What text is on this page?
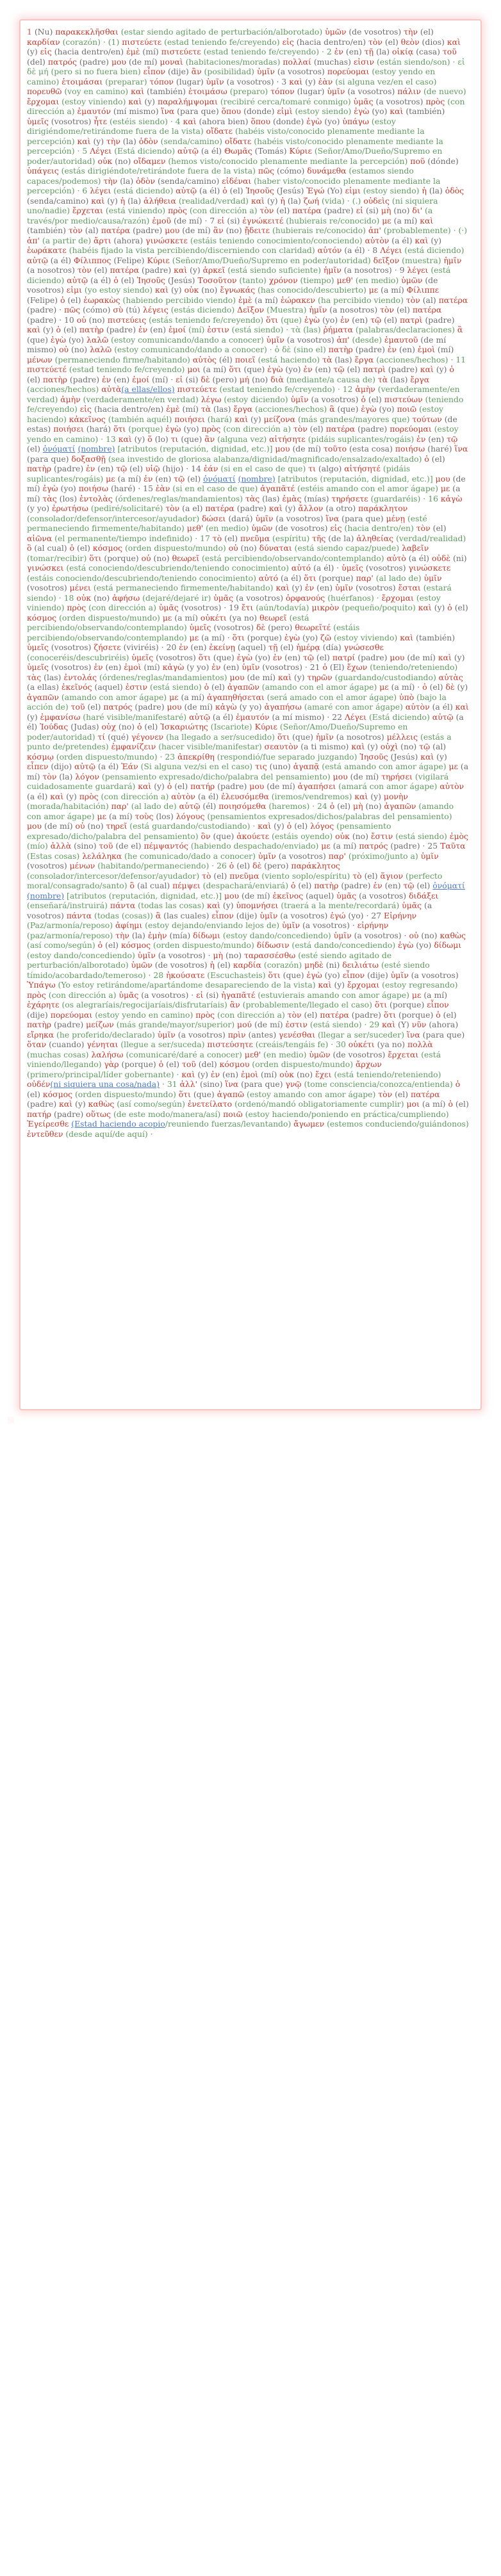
1 (Nu) παρακεκλῆσθαι (estar siendo agitado de perturbación/alborotado) ὑμῶν (de vosotros) τὴν (el) καρδίαν (corazón) · (1) πιστεύετε (estad teniendo fe/creyendo) εἰς (hacia dentro/en) τὸν (el) θεὸν (dios) καὶ (y) εἰς (hacia dentro/en) ἐμὲ (mí) πιστεύετε (estad teniendo fe/creyendo) · 2 ἐν (en) τῇ (la) οἰκίᾳ (casa) τοῦ (del) πατρός (padre) μου (de mí) μοναὶ (habitaciones/moradas) πολλαί (muchas) εἰσιν (están siendo/son) · εἰ δὲ μή (pero si no fuera bien) εἶπον (dije) ἂν (posibilidad) ὑμῖν (a vosotros) πορεύομαι (estoy yendo en camino) ἑτοιμάσαι (preparar) τόπον (lugar) ὑμῖν (a vosotros) · 3 καὶ (y) ἐὰν (si alguna vez/en el caso) πορευθῶ (voy en camino) καὶ (también) ἑτοιμάσω (preparo) τόπον (lugar) ὑμῖν (a vosotros) πάλιν (de nuevo) ἔρχομαι (estoy viniendo) καὶ (y) παραλήμψομαι (recibiré cerca/tomaré conmigo) ὑμᾶς (a vosotros) πρὸς (con dirección a) ἐμαυτόν (mí mismo) ἵνα (para que) ὅπου (donde) εἰμὶ (estoy siendo) ἐγὼ (yo) καὶ (también) ὑμεῖς (vosotros) ἦτε (estéis siendo) · 4 καὶ (ahora bien) ὅπου (donde) ἐγὼ (yo) ὑπάγω (estoy dirigiéndome/retirándome fuera de la vista) οἴδατε (habéis visto/conocido plenamente mediante la percepción) καὶ (y) τὴν (la) ὁδὸν (senda/camino) οἴδατε (habéis visto/conocido plenamente mediante la percepción) · 5 Λέγει (Está diciendo) αὐτῷ (a él) Θωμᾶς (Tomás) Κύριε (Señor/Amo/Dueño/Supremo en poder/autoridad) οὐκ (no) οἴδαμεν (hemos visto/conocido plenamente mediante la percepción) ποῦ (dónde) ὑπάγεις (estás dirigiéndote/retirándote fuera de la vista) πῶς (cómo) δυνάμεθα (estamos siendo capaces/podemos) τὴν (la) ὁδὸν (senda/camino) εἰδέναι (haber visto/conocido plenamente mediante la percepción) · 6 λέγει (está diciendo) αὐτῷ (a él) ὁ (el) Ἰησοῦς (Jesús) Ἐγώ (Yo) εἰμι (estoy siendo) ἡ (la) ὁδὸς (senda/camino) καὶ (y) ἡ (la) ἀλήθεια (realidad/verdad) καὶ (y) ἡ (la) ζωή (vida) · (.) οὐδεὶς (ni siquiera uno/nadie) ἔρχεται (está viniendo) πρὸς (con dirección a) τὸν (el) πατέρα (padre) εἰ (si) μὴ (no) δι' (a través/por medio/causa/razón) ἐμοῦ (de mí) · 7 εἰ (si) ἐγνώκειτέ (hubierais re/conocido) με (a mí) καὶ (también) τὸν (al) πατέρα (padre) μου (de mí) ἂν (no) ᾔδειτε (hubierais re/conocido) ἀπ' (probablemente) · (·) ἀπ' (a partir de) ἄρτι (ahora) γινώσκετε (estáis teniendo conocimiento/conociendo) αὐτὸν (a él) καὶ (y) ἑωράκατε (habéis fijado la vista percibiendo/discerniendo con claridad) αὐτόν (a él) · 8 Λέγει (está diciendo) αὐτῷ (a él) Φίλιππος (Felipe) Κύριε (Señor/Amo/Dueño/Supremo en poder/autoridad) δεῖξον (muestra) ἡμῖν (a nosotros) τὸν (el) πατέρα (padre) καὶ (y) ἀρκεῖ (está siendo suficiente) ἡμῖν (a nosotros) · 9 λέγει (está diciendo) αὐτῷ (a él) ὁ (el) Ἰησοῦς (Jesús) Τοσοῦτον (tanto) χρόνον (tiempo) μεθ' (en medio) ὑμῶν (de vosotros) εἰμι (yo estoy siendo) καὶ (y) οὐκ (no) ἔγνωκάς (has conocido/descubierto) με (a mí) Φίλιππε (Felipe) ὁ (el) ἑωρακὼς (habiendo percibido viendo) ἐμὲ (a mí) ἑώρακεν (ha percibido viendo) τὸν (al) πατέρα (padre) · πῶς (cómo) σὺ (tú) λέγεις (estás diciendo) Δεῖξον (Muestra) ἡμῖν (a nosotros) τὸν (el) πατέρα (padre) · 10 οὐ (no) πιστεύεις (estás teniendo fe/creyendo) ὅτι (que) ἐγὼ (yo) ἐν (en) τῷ (el) πατρὶ (padre) καὶ (y) ὁ (el) πατὴρ (padre) ἐν (en) ἐμοί (mí) ἐστιν (está siendo) · τὰ (las) ῥήματα (palabras/declaraciones) ἃ (que) ἐγὼ (yo) λαλῶ (estoy comunicando/dando a conocer) ὑμῖν (a vosotros) ἀπ' (desde) ἐμαυτοῦ (de mí mismo) οὐ (no) λαλῶ (estoy comunicando/dando a conocer) · ὁ δὲ (sino el) πατὴρ (padre) ἐν (en) ἐμοὶ (mí) μένων (permaneciendo firme/habitando) αὐτὸς (él) ποιεῖ (está haciendo) τὰ (las) ἔργα (acciones/hechos) · 11 πιστεύετέ (estad teniendo fe/creyendo) μοι (a mí) ὅτι (que) ἐγὼ (yo) ἐν (en) τῷ (el) πατρὶ (padre) καὶ (y) ὁ (el) πατὴρ (padre) ἐν (en) ἐμοί (mí) · εἰ (si) δὲ (pero) μή (no) διὰ (mediante/a causa de) τὰ (las) ἔργα (acciones/hechos) αὐτὰ(a ellas/ellos) πιστεύετε (estad teniendo fe/creyendo) · 12 ἀμὴν (verdaderamente/en verdad) ἀμὴν (verdaderamente/en verdad) λέγω (estoy diciendo) ὑμῖν (a vosotros) ὁ (el) πιστεύων (teniendo fe/creyendo) εἰς (hacia dentro/en) ἐμὲ (mí) τὰ (las) ἔργα (acciones/hechos) ἃ (que) ἐγὼ (yo) ποιῶ (estoy haciendo) κἀκεῖνος (también aquél) ποιήσει (hará) καὶ (y) μείζονα (más grandes/mayores que) τούτων (de estas) ποιήσει (hará) ὅτι (porque) ἐγὼ (yo) πρὸς (con dirección a) τὸν (el) πατέρα (padre) πορεύομαι (estoy yendo en camino) · 13 καὶ (y) ὅ (lo) τι (que) ἂν (alguna vez) αἰτήσητε (pidáis suplicantes/rogáis) ἐν (en) τῷ (el) ὀνόματί (nombre) [atributos (reputación, dignidad, etc.)] μου (de mí) τοῦτο (esta cosa) ποιήσω (haré) ἵνα (para que) δοξασθῇ (sea investido de gloriosa alabanza/dignidad/magnificado/ensalzado/exaltado) ὁ (el) πατὴρ (padre) ἐν (en) τῷ (el) υἱῷ (hijo) · 14 ἐάν (si en el caso de que) τι (algo) αἰτήσητέ (pidáis suplicantes/rogáis) με (a mí) ἐν (en) τῷ (el) ὀνόματί (nombre) [atributos (reputación, dignidad, etc.)] μου (de mí) ἐγὼ (yo) ποιήσω (haré) · 15 ἐὰν (si en el caso de que) ἀγαπᾶτέ (estéis amando con el amor ágape) με (a mí) τὰς (los) ἐντολὰς (órdenes/reglas/mandamientos) τὰς (las) ἐμὰς (mías) τηρήσετε (guardaréis) · 16 κἀγὼ (y yo) ἐρωτήσω (pediré/solicitaré) τὸν (a el) πατέρα (padre) καὶ (y) ἄλλον (a otro) παράκλητον (consolador/defensor/intercesor/ayudador) δώσει (dará) ὑμῖν (a vosotros) ἵνα (para que) μένῃ (esté permaneciendo firmemente/habitando) μεθ' (en medio) ὑμῶν (de vosotros) εἰς (hacia dentro/en) τὸν (el) αἰῶνα (el permanente/tiempo indefinido) · 17 τὸ (el) πνεῦμα (espíritu) τῆς (de la) ἀληθείας (verdad/realidad) ὃ (al cual) ὁ (el) κόσμος (orden dispuesto/mundo) οὐ (no) δύναται (está siendo capaz/puede) λαβεῖν (tomar/recibir) ὅτι (porque) οὐ (no) θεωρεῖ (está percibiendo/observando/contemplando) αὐτὸ (a él) οὐδὲ (ni) γινώσκει (está conociendo/descubriendo/teniendo conocimiento) αὐτό (a él) · ὑμεῖς (vosotros) γινώσκετε (estáis conociendo/descubriendo/teniendo conocimiento) αὐτό (a él) ὅτι (porque) παρ' (al lado de) ὑμῖν (vosotros) μένει (está permaneciendo firmemente/habitando) καὶ (y) ἐν (en) ὑμῖν (vosotros) ἔσται (estará siendo) · 18 οὐκ (no) ἀφήσω (dejaré/dejaré ir) ὑμᾶς (a vosotros) ὀρφανούς (huérfanos) · ἔρχομαι (estoy viniendo) πρὸς (con dirección a) ὑμᾶς (vosotros) · 19 ἔτι (aún/todavía) μικρὸν (pequeño/poquito) καὶ (y) ὁ (el) κόσμος (orden dispuesto/mundo) με (a mí) οὐκέτι (ya no) θεωρεῖ (está percibiendo/observando/contemplando) ὑμεῖς (vosotros) δὲ (pero) θεωρεῖτέ (estáis percibiendo/observando/contemplando) με (a mí) · ὅτι (porque) ἐγὼ (yo) ζῶ (estoy viviendo) καὶ (también) ὑμεῖς (vosotros) ζήσετε (viviréis) · 20 ἐν (en) ἐκείνῃ (aquel) τῇ (el) ἡμέρᾳ (día) γνώσεσθε (conoceréis/descubriréis) ὑμεῖς (vosotros) ὅτι (que) ἐγὼ (yo) ἐν (en) τῷ (el) πατρί (padre) μου (de mí) καὶ (y) ὑμεῖς (vosotros) ἐν (en) ἐμοὶ (mí) κἀγὼ (y yo) ἐν (en) ὑμῖν (vosotros) · 21 ὁ (El) ἔχων (teniendo/reteniendo) τὰς (las) ἐντολάς (órdenes/reglas/mandamientos) μου (de mí) καὶ (y) τηρῶν (guardando/custodiando) αὐτὰς (a ellas) ἐκεῖνός (aquel) ἐστιν (está siendo) ὁ (el) ἀγαπῶν (amando con el amor ágape) με (a mí) · ὁ (el) δὲ (y) ἀγαπῶν (amando con amor ágape) με (a mí) ἀγαπηθήσεται (será amado con el amor ágape) ὑπὸ (bajo la acción de) τοῦ (el) πατρός (padre) μου (de mí) κἀγὼ (y yo) ἀγαπήσω (amaré con amor ágape) αὐτὸν (a él) καὶ (y) ἐμφανίσω (haré visible/manifestaré) αὐτῷ (a él) ἐμαυτόν (a mí mismo) · 22 Λέγει (Está diciendo) αὐτῷ (a él) Ἰούδας (Judas) οὐχ (no) ὁ (el) Ἰσκαριώτης (Iscariote) Κύριε (Señor/Amo/Dueño/Supremo en poder/autoridad) τί (qué) γέγονεν (ha llegado a ser/sucedido) ὅτι (que) ἡμῖν (a nosotros) μέλλεις (estás a punto de/pretendes) ἐμφανίζειν (hacer visible/manifestar) σεαυτὸν (a ti mismo) καὶ (y) οὐχὶ (no) τῷ (al) κόσμῳ (orden dispuesto/mundo) · 23 ἀπεκρίθη (respondió/fue separado juzgando) Ἰησοῦς (Jesús) καὶ (y) εἶπεν (dijo) αὐτῷ (a él) Ἐάν (Si alguna vez/si en el caso) τις (uno) ἀγαπᾷ (está amando con amor ágape) με (a mí) τὸν (la) λόγον (pensamiento expresado/dicho/palabra del pensamiento) μου (de mí) τηρήσει (vigilará cuidadosamente guardará) καὶ (y) ὁ (el) πατήρ (padre) μου (de mí) ἀγαπήσει (amará con amor ágape) αὐτὸν (a él) καὶ (y) πρὸς (con dirección a) αὐτὸν (a él) ἐλευσόμεθα (iremos/vendremos) καὶ (y) μονὴν (morada/habitación) παρ' (al lado de) αὐτῷ (él) ποιησόμεθα (haremos) · 24 ὁ (el) μὴ (no) ἀγαπῶν (amando con amor ágape) με (a mí) τοὺς (los) λόγους (pensamientos expresados/dichos/palabras del pensamiento) μου (de mí) οὐ (no) τηρεῖ (está guardando/custodiando) · καὶ (y) ὁ (el) λόγος (pensamiento expresado/dicho/palabra del pensamiento) ὃν (que) ἀκούετε (estáis oyendo) οὐκ (no) ἔστιν (está siendo) ἐμὸς (mío) ἀλλὰ (sino) τοῦ (de el) πέμψαντός (habiendo despachado/enviado) με (a mí) πατρός (padre) · 25 Ταῦτα (Estas cosas) λελάληκα (he comunicado/dado a conocer) ὑμῖν (a vosotros) παρ' (próximo/junto a) ὑμῖν (vosotros) μένων (habitando/permaneciendo) · 26 ὁ (el) δὲ (pero) παράκλητος (consolador/intercesor/defensor/ayudador) τὸ (el) πνεῦμα (viento soplo/espíritu) τὸ (el) ἅγιον (perfecto moral/consagrado/santo) ὃ (al cual) πέμψει (despachará/enviará) ὁ (el) πατὴρ (padre) ἐν (en) τῷ (el) ὀνόματί (nombre) [atributos (reputación, dignidad, etc.)] μου (de mí) ἐκεῖνος (aquel) ὑμᾶς (a vosotros) διδάξει (enseñará/instruirá) πάντα (todas las cosas) καὶ (y) ὑπομνήσει (traerá a la mente/recordará) ὑμᾶς (a vosotros) πάντα (todas (cosas)) ἃ (las cuales) εἶπον (dije) ὑμῖν (a vosotros) ἐγώ (yo) · 27 Εἰρήνην (Paz/armonía/reposo) ἀφίημι (estoy dejando/enviando lejos de) ὑμῖν (a vosotros) · εἰρήνην (paz/armonía/reposo) τὴν (la) ἐμὴν (mía) δίδωμι (estoy dando/concediendo) ὑμῖν (a vosotros) · οὐ (no) καθὼς (así como/según) ὁ (el) κόσμος (orden dispuesto/mundo) δίδωσιν (está dando/concediendo) ἐγὼ (yo) δίδωμι (estoy dando/concediendo) ὑμῖν (a vosotros) · μὴ (no) ταρασσέσθω (esté siendo agitado de perturbación/alborotado) ὑμῶν (de vosotros) ἡ (el) καρδία (corazón) μηδὲ (ni) δειλιάτω (esté siendo tímido/acobardado/temeroso) · 28 ἠκούσατε (Escuchasteis) ὅτι (que) ἐγὼ (yo) εἶπον (dije) ὑμῖν (a vosotros) Ὑπάγω (Yo estoy retirándome/apartándome desapareciendo de la vista) καὶ (y) ἔρχομαι (estoy regresando) πρὸς (con dirección a) ὑμᾶς (a vosotros) · εἰ (si) ἠγαπᾶτέ (estuvierais amando con amor ágape) με (a mí) ἐχάρητε (os alegraríais/regocijaríais/disfrutaríais) ἂν (probablemente/llegado el caso) ὅτι (porque) εἶπον (dije) πορεύομαι (estoy yendo en camino) πρὸς (con dirección a) τὸν (el) πατέρα (padre) ὅτι (porque) ὁ (el) πατὴρ (padre) μείζων (más grande/mayor/superior) μού (de mí) ἐστιν (está siendo) · 29 καὶ (Y) νῦν (ahora) εἴρηκα (he proferido/declarado) ὑμῖν (a vosotros) πρὶν (antes) γενέσθαι (llegar a ser/suceder) ἵνα (para que) ὅταν (cuando) γένηται (llegue a ser/suceda) πιστεύσητε (creáis/tengáis fe) · 30 οὐκέτι (ya no) πολλὰ (muchas cosas) λαλήσω (comunicaré/daré a conocer) μεθ' (en medio) ὑμῶν (de vosotros) ἔρχεται (está viniendo/llegando) γὰρ (porque) ὁ (el) τοῦ (del) κόσμου (orden dispuesto/mundo) ἄρχων (primero/principal/líder gobernante) · καὶ (y) ἐν (en) ἐμοὶ (mí) οὐκ (no) ἔχει (está teniendo/reteniendo) οὐδέν(ni siquiera una cosa/nada) · 31 ἀλλ' (sino) ἵνα (para que) γνῷ (tome consciencia/conozca/entienda) ὁ (el) κόσμος (orden dispuesto/mundo) ὅτι (que) ἀγαπῶ (estoy amando con amor ágape) τὸν (el) πατέρα (padre) καὶ (y) καθὼς (así como/según) ἐνετείλατο (ordenó/mandó obligatoriamente cumplir) μοι (a mí) ὁ (el) πατήρ (padre) οὕτως (de este modo/manera/así) ποιῶ (estoy haciendo/poniendo en práctica/cumpliendo) Ἐγείρεσθε (Estad haciendo acopio/reuniendo fuerzas/levantando) ἄγωμεν (estemos conduciendo/guiándonos) ἐντεῦθεν (desde aquí/de aquí) ·
